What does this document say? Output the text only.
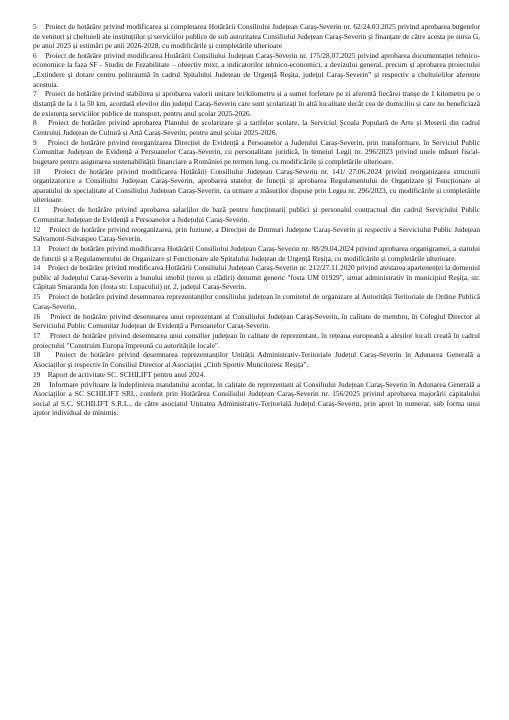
5    Proiect de hotărâre privind modificarea și completarea Hotărârii Consiliului Județean Caraș-Severin nr. 62/24.03.2025 privind aprobarea bugetelor de venituri și cheltuieli ale instituțiilor și serviciilor publice de sub autoritatea Consiliului Județean Caraș-Severin și finanțate de către acesta pe sursa G, pe anul 2025 și estimări pe anii 2026-2028, cu modificările și completările ulterioare
6    Proiect de hotărâre privind modificarea Hotărârii Consiliului Județean Caraș-Severin nr. 175/28.07.2025 privind aprobarea documentației tehnico-economice la faza SF - Studiu de Fezabilitate – obiectiv mixt, a indicatorilor tehnico-economici, a devizului general, precum și aprobarea proiectului „Extindere și dotare centru politraumă în cadrul Spitalului Județean de Urgență Reșița, județul Caraș-Severin” și respectiv a cheltuielilor aferente acestuia.
7    Proiect de hotărâre privind stabilirea și aprobarea valorii unitare lei/kilometru și a sumei forfetare pe zi aferentă fiecărei tranșe de 1 kilometru pe o distanță de la 1 la 50 km, acordată elevilor din județul Caraș-Severin care sunt școlarizați în altă localitate decât cea de domiciliu și care nu beneficiază de existența serviciilor publice de transport, pentru anul școlar 2025-2026.
8    Proiect de hotărâre privind aprobarea Planului de școlarizare și a tarifelor școlare, la Serviciul Școala Populară de Arte și Meserii din cadrul Centrului Județean de Cultură și Artă Caraș-Severin, pentru anul școlar 2025-2026.
9    Proiect de hotărâre privind reorganizarea Direcției de Evidență a Persoanelor a Județului Caraș-Severin, prin transformare, în Serviciul Public Comunitar Județean de Evidență a Persoanelor Caraș-Severin, cu personalitate juridică, în temeiul Legii nr. 296/2023 privind unele măsuri fiscal-bugetare pentru asigurarea sustenabilității financiare a României pe termen lung, cu modificările și completările ulterioare.
10    Proiect de hotărâre privind modificarea Hotărârii Consiliului Județean Caraș-Severin nr. 141/ 27.06.2024 privind reorganizarea structurii organizatorice a Consiliului Județean Caraș-Severin, aprobarea statelor de funcții și aprobarea Regulamentului de Organizare și Funcționare al aparatului de specialitate al Consiliului Județean Caraș-Severin, ca urmare a măsurilor dispuse prin Legea nr. 296/2023, cu modificările și completările ulterioare.
11    Proiect de hotărâre privind aprobarea salariilor de bază pentru funcționarii publici și personalul contractual din cadrul Serviciului Public Comunitar Județean de Evidență a Persoanelor a Județului Caraș-Severin.
12    Proiect de hotărâre privind reorganizarea, prin fuziune, a Direcției de Drumuri Județene Caraș-Severin și respectiv a Serviciului Public Județean Salvamont-Salvaspeo Caraș-Severin.
13    Proiect de hotărâre privind modificarea Hotărârii Consiliului Județean Caraș-Severin nr. 88/29.04.2024 privind aprobarea organigramei, a statului de funcții și a Regulamentului de Organizare și Funcționare ale Spitalului Județean de Urgență Reșița, cu modificările și completările ulterioare.
14    Proiect de hotărâre privind modificarea Hotărârii Consiliului Județean Caraș-Severin nr. 212/27.11.2020 privind atestarea apartenenței la domeniul public al Județului Caraș-Severin a bunului imobil (teren și clădiri) denumit generic "fosta UM 01929", situat administrativ în municipiul Reșița, str. Căpitan Smaranda Ion (fosta str. Lupacului) nr. 2, județul Caraș-Severin.
15    Proiect de hotărâre privind desemnarea reprezentanților consiliului județean în comitetul de organizare al Autorității Teritoriale de Ordine Publică Caraș-Severin.
16    Proiect de hotărâre privind desemnarea unui reprezentant al Consiliului Județean Caraș-Severin, în calitate de membru, în Colegiul Director al Serviciului Public Comunitar Județean de Evidență a Persoanelor Caraș-Severin.
17    Proiect de hotărâre privind desemnarea unui consilier județean în calitate de reprezentant, în rețeaua europeană a aleșilor locali creată în cadrul proiectului "Construim Europa împreună cu autoritățile locale".
18    Proiect de hotărâre privind desemnarea reprezentanților Unității Administrativ-Teritoriale Județul Caraș-Severin în Adunarea Generală a Asociaților și respectiv în Consiliul Director al Asociației „Club Sportiv Muncitoresc Reșița”.
19    Raport de activitate SC. SCHILIFT pentru anul 2024.
20    Informare privitoare la îndeplinirea mandatului acordat, în calitate de reprezentant al Consiliului Județean Caraș-Severin în Adunarea Generală a Asociaților a SC SCHILIFT SRL, conferit prin Hotărârea Consiliului Județean Caraș-Severin nr. 156/2025 privind aprobarea majorării capitalului social al S.C. SCHILIFT S.R.L., de către asociatul Unitatea Administrativ-Teritorială Județul Caraș-Severin, prin aport în numerar, sub forma unui ajutor individual de minimis.
